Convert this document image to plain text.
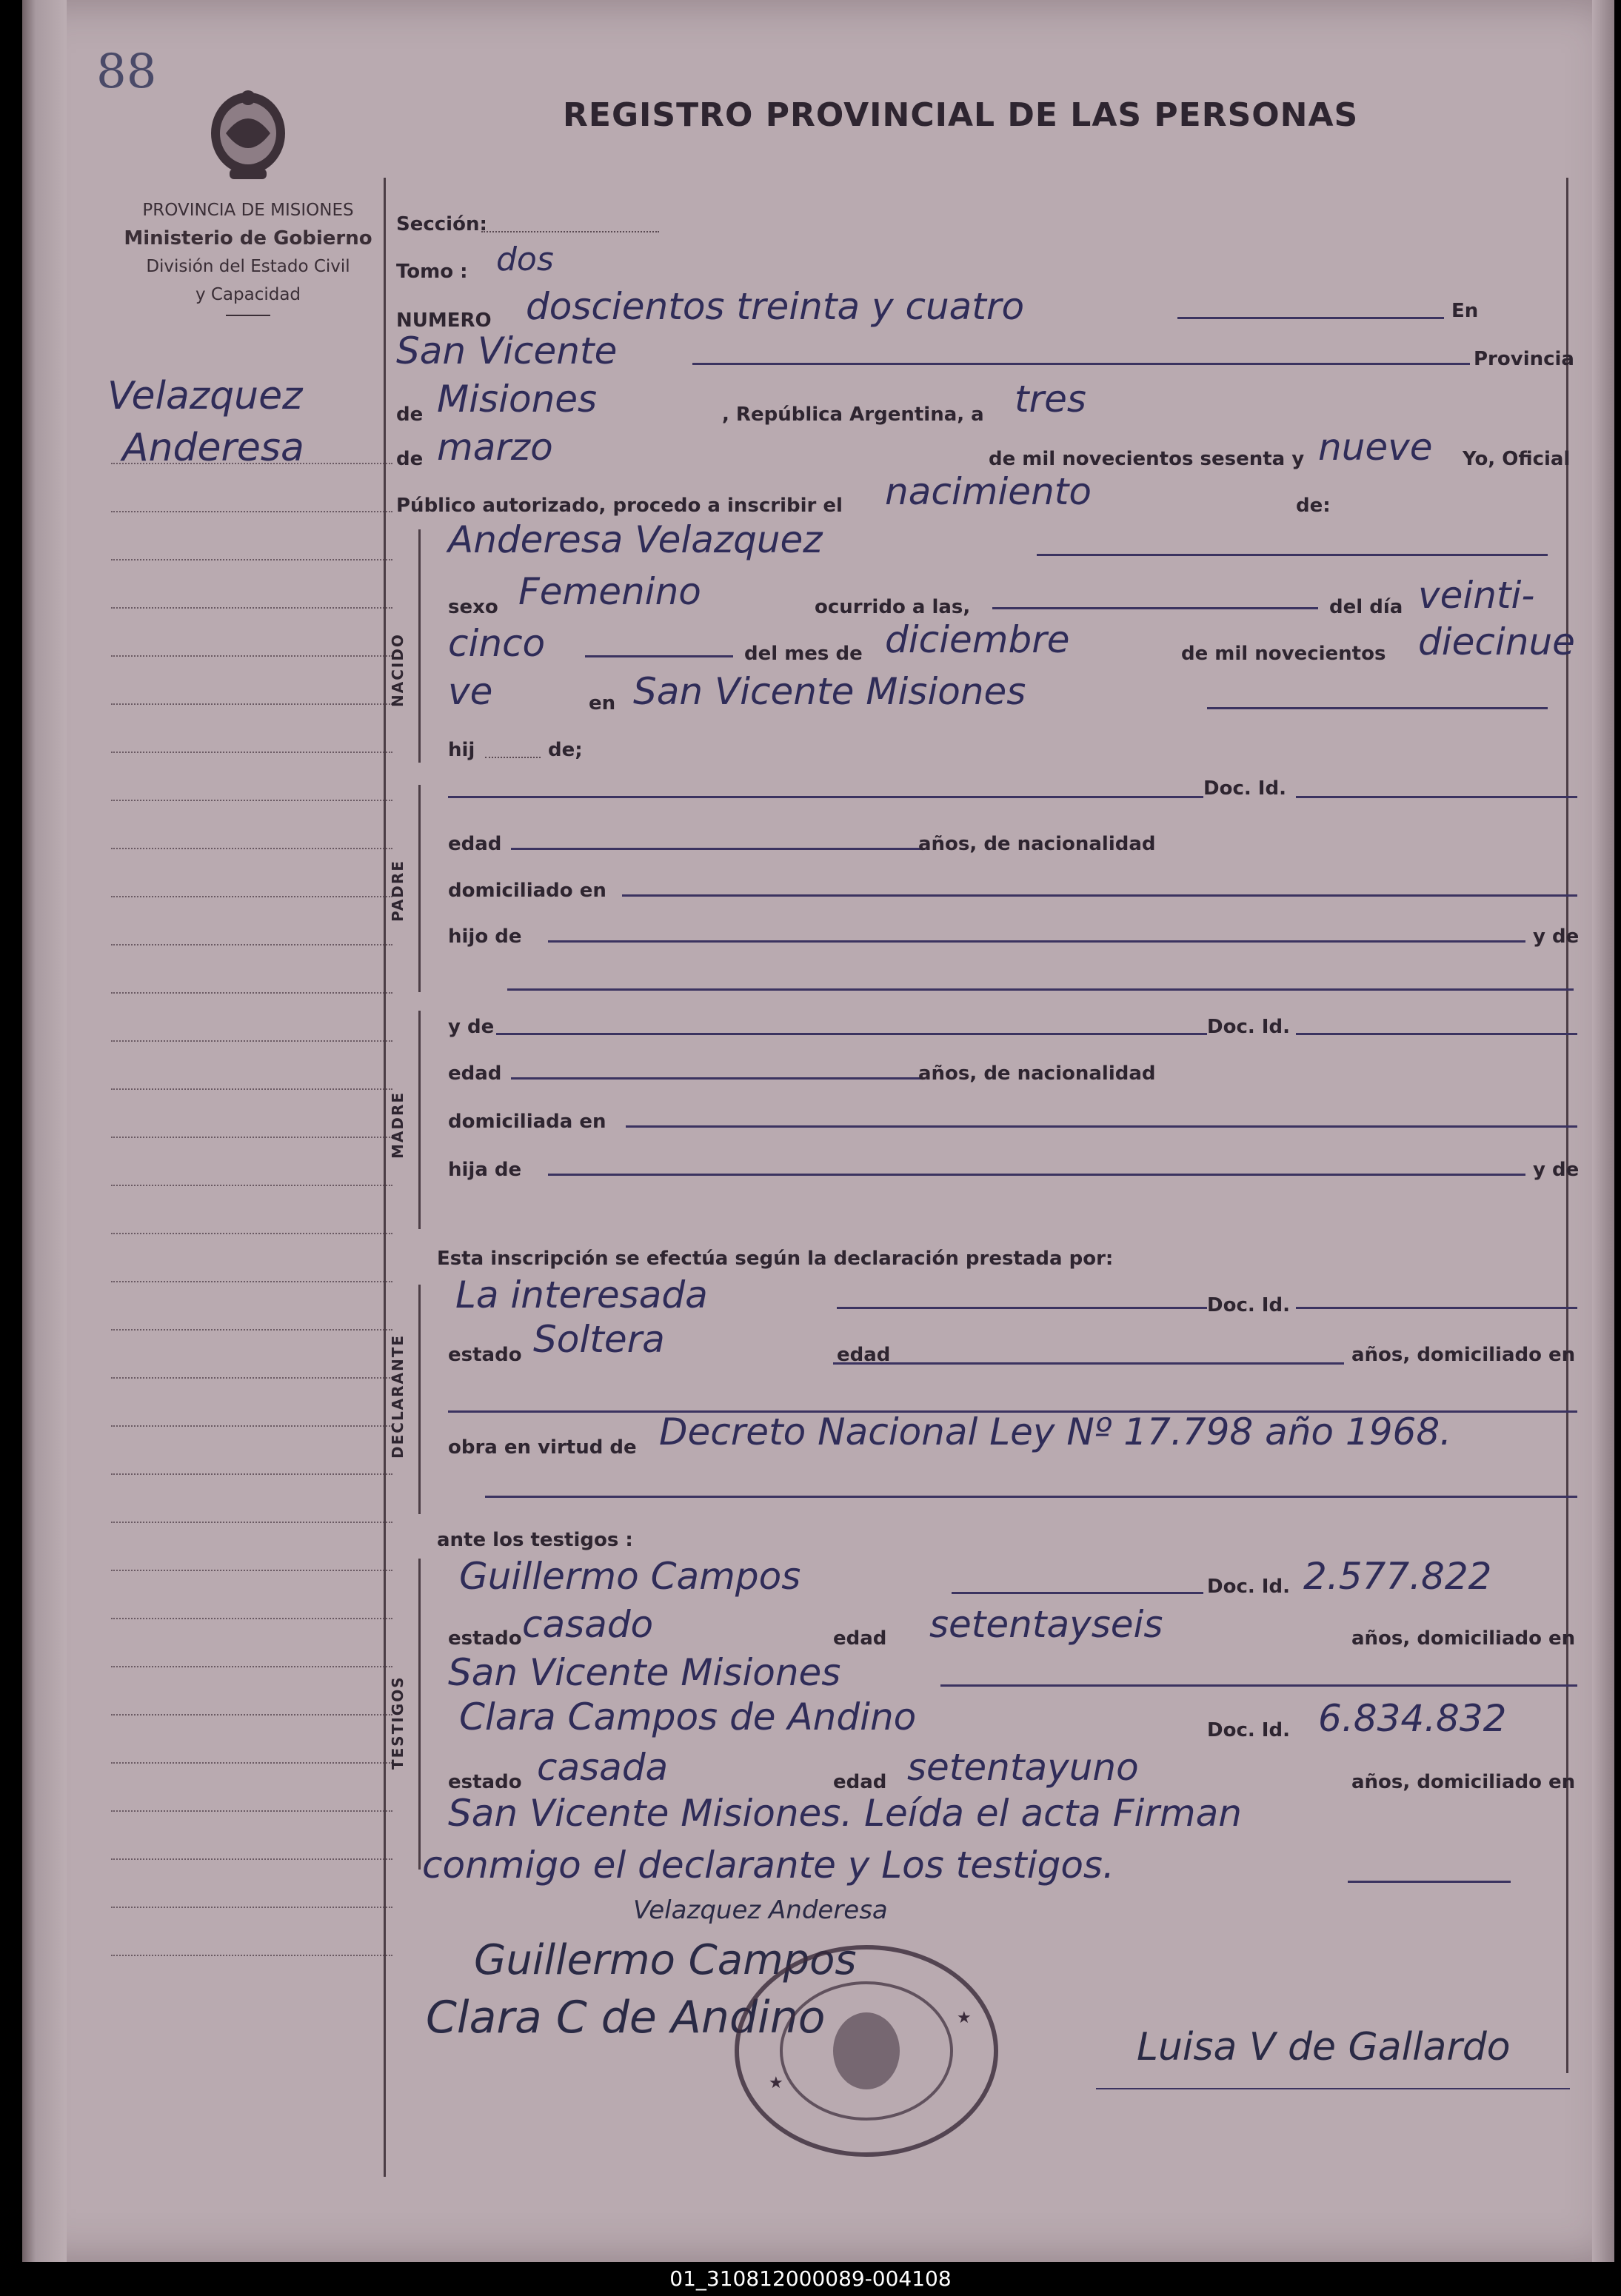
88
PROVINCIA DE MISIONES
Ministerio de Gobierno
División del Estado Civil
y Capacidad
REGISTRO PROVINCIAL DE LAS PERSONAS
Velazquez
Anderesa
NACIDO
PADRE
MADRE
DECLARANTE
TESTIGOS
Sección:
Tomo : dos
NUMERO doscientos treinta y cuatro	En
San Vicente	Provincia
de Misiones	, República Argentina, a tres
de marzo	de mil novecientos sesenta y nueve Yo, Oficial
Público autorizado, procedo a inscribir el nacimiento	de:
Anderesa Velazquez
sexo Femenino	ocurrido a las,	del día veinti-
cinco	del mes de diciembre	de mil novecientos diecinue
ve	en San Vicente Misiones
hij	de;
Doc. Id.
edad	años, de nacionalidad
domiciliado en
hijo de	y de
y de	Doc. Id.
edad	años, de nacionalidad
domiciliada en
hija de	y de
Esta inscripción se efectúa según la declaración prestada por:
La interesada	Doc. Id.
estado Soltera	edad	años, domiciliado en
obra en virtud de Decreto Nacional Ley Nº 17.798 año 1968.
ante los testigos :
Guillermo Campos	Doc. Id. 2.577.822
estado casado	edad setentayseis	años, domiciliado en
San Vicente Misiones
Clara Campos de Andino	Doc. Id. 6.834.832
estado casada	edad setentayuno	años, domiciliado en
San Vicente Misiones. Leída el acta Firman
conmigo el declarante y Los testigos.
Velazquez Anderesa
Guillermo Campos
Clara C de Andino
Luisa V de Gallardo
★
★
01_310812000089-004108
